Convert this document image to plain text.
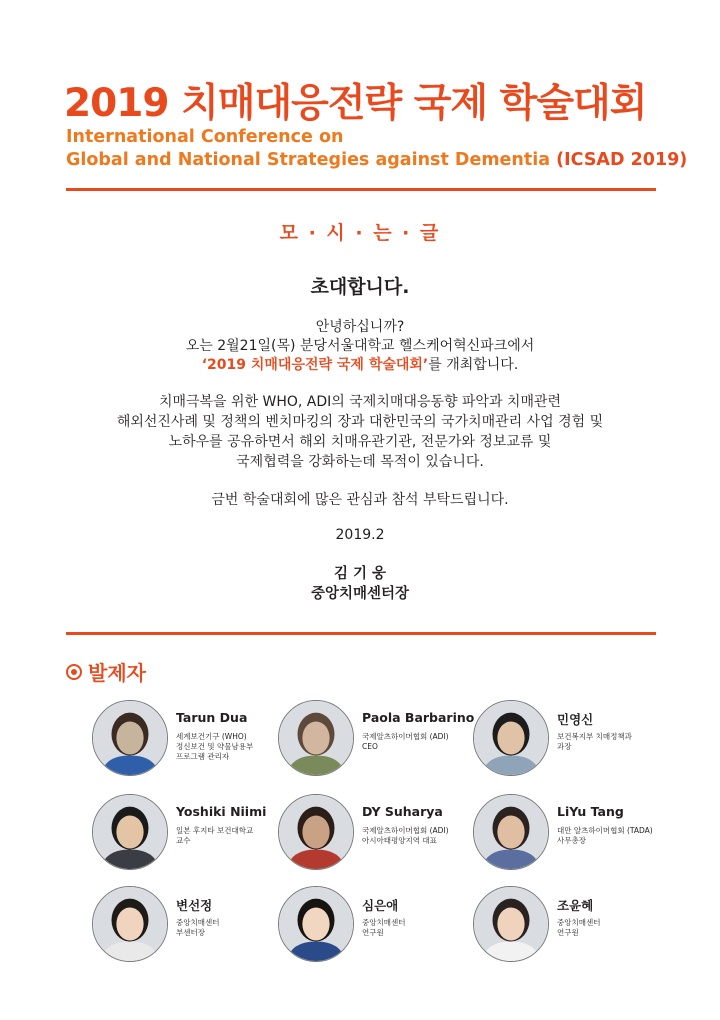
2019 치매대응전략 국제 학술대회
International Conference on
Global and National Strategies against Dementia (ICSAD 2019)
모 · 시 · 는 · 글
초대합니다.
안녕하십니까?
오는 2월21일(목) 분당서울대학교 헬스케어혁신파크에서
‘2019 치매대응전략 국제 학술대회’를 개최합니다.
치매극복을 위한 WHO, ADI의 국제치매대응동향 파악과 치매관련
해외선진사례 및 정책의 벤치마킹의 장과 대한민국의 국가치매관리 사업 경험 및
노하우를 공유하면서 해외 치매유관기관, 전문가와 정보교류 및
국제협력을 강화하는데 목적이 있습니다.
금번 학술대회에 많은 관심과 참석 부탁드립니다.
2019.2
김 기 웅
중앙치매센터장
발제자
Tarun Dua
세계보건기구 (WHO)
정신보건 및 약물남용부
프로그램 관리자
Paola Barbarino
국제알츠하이머협회 (ADI)
CEO
민영신
보건복지부 치매정책과
과장
Yoshiki Niimi
일본 후지타 보건대학교
교수
DY Suharya
국제알츠하이머협회 (ADI)
아시아태평양지역 대표
LiYu Tang
대만 알츠하이머협회 (TADA)
사무총장
변선정
중앙치매센터
부센터장
심은애
중앙치매센터
연구원
조윤혜
중앙치매센터
연구원
